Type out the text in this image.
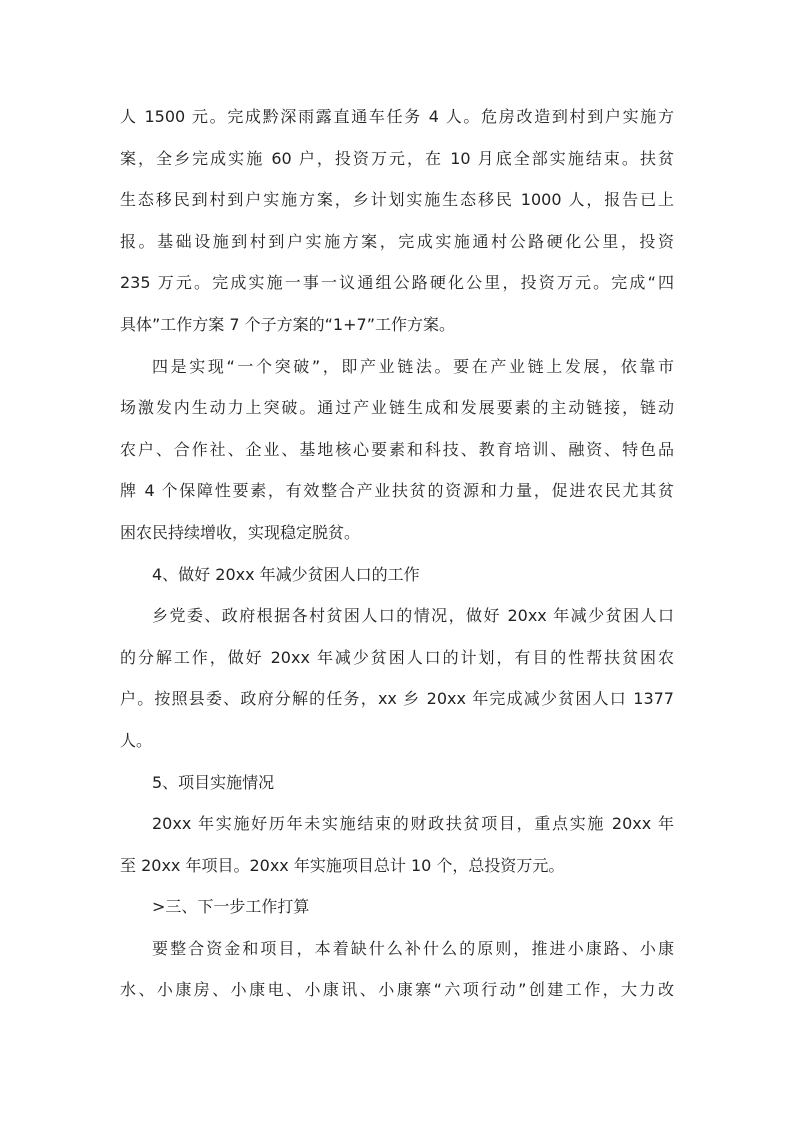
人 1500 元。完成黔深雨露直通车任务 4 人。危房改造到村到户实施方
案，全乡完成实施 60 户，投资万元，在 10 月底全部实施结束。扶贫
生态移民到村到户实施方案，乡计划实施生态移民 1000 人，报告已上
报。基础设施到村到户实施方案，完成实施通村公路硬化公里，投资
235 万元。完成实施一事一议通组公路硬化公里，投资万元。完成“四
具体”工作方案 7 个子方案的“1+7”工作方案。
四是实现“一个突破”，即产业链法。要在产业链上发展，依靠市
场激发内生动力上突破。通过产业链生成和发展要素的主动链接，链动
农户、合作社、企业、基地核心要素和科技、教育培训、融资、特色品
牌 4 个保障性要素，有效整合产业扶贫的资源和力量，促进农民尤其贫
困农民持续增收，实现稳定脱贫。
4、做好 20xx 年减少贫困人口的工作
乡党委、政府根据各村贫困人口的情况，做好 20xx 年减少贫困人口
的分解工作，做好 20xx 年减少贫困人口的计划，有目的性帮扶贫困农
户。按照县委、政府分解的任务，xx 乡 20xx 年完成减少贫困人口 1377
人。
5、项目实施情况
20xx 年实施好历年未实施结束的财政扶贫项目，重点实施 20xx 年
至 20xx 年项目。20xx 年实施项目总计 10 个，总投资万元。
>三、下一步工作打算
要整合资金和项目，本着缺什么补什么的原则，推进小康路、小康
水、小康房、小康电、小康讯、小康寨“六项行动”创建工作，大力改
